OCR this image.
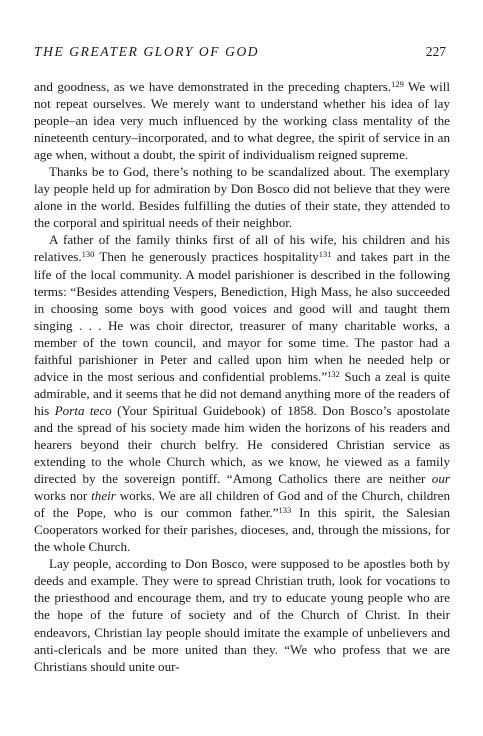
THE GREATER GLORY OF GOD	227

and goodness, as we have demonstrated in the preceding chapters.$^{129}$ We will not repeat ourselves. We merely want to understand whether his idea of lay people–an idea very much influenced by the working class mentality of the nineteenth century–incorporated, and to what degree, the spirit of service in an age when, without a doubt, the spirit of individualism reigned supreme.

Thanks be to God, there’s nothing to be scandalized about. The exemplary lay people held up for admiration by Don Bosco did not believe that they were alone in the world. Besides fulfilling the duties of their state, they attended to the corporal and spiritual needs of their neighbor.

A father of the family thinks first of all of his wife, his children and his relatives.$^{130}$ Then he generously practices hospitality$^{131}$ and takes part in the life of the local community. A model parishioner is described in the following terms: “Besides attending Vespers, Benediction, High Mass, he also succeeded in choosing some boys with good voices and good will and taught them singing . . . He was choir director, treasurer of many charitable works, a member of the town council, and mayor for some time. The pastor had a faithful parishioner in Peter and called upon him when he needed help or advice in the most serious and confidential problems.”$^{132}$ Such a zeal is quite admirable, and it seems that he did not demand anything more of the readers of his Porta teco (Your Spiritual Guidebook) of 1858. Don Bosco’s apostolate and the spread of his society made him widen the horizons of his readers and hearers beyond their church belfry. He considered Christian service as extending to the whole Church which, as we know, he viewed as a family directed by the sovereign pontiff. “Among Catholics there are neither our works nor their works. We are all children of God and of the Church, children of the Pope, who is our common father.”$^{133}$ In this spirit, the Salesian Cooperators worked for their parishes, dioceses, and, through the missions, for the whole Church.

Lay people, according to Don Bosco, were supposed to be apostles both by deeds and example. They were to spread Christian truth, look for vocations to the priesthood and encourage them, and try to educate young people who are the hope of the future of society and of the Church of Christ. In their endeavors, Christian lay people should imitate the example of unbelievers and anti-clericals and be more united than they. “We who profess that we are Christians should unite our-
